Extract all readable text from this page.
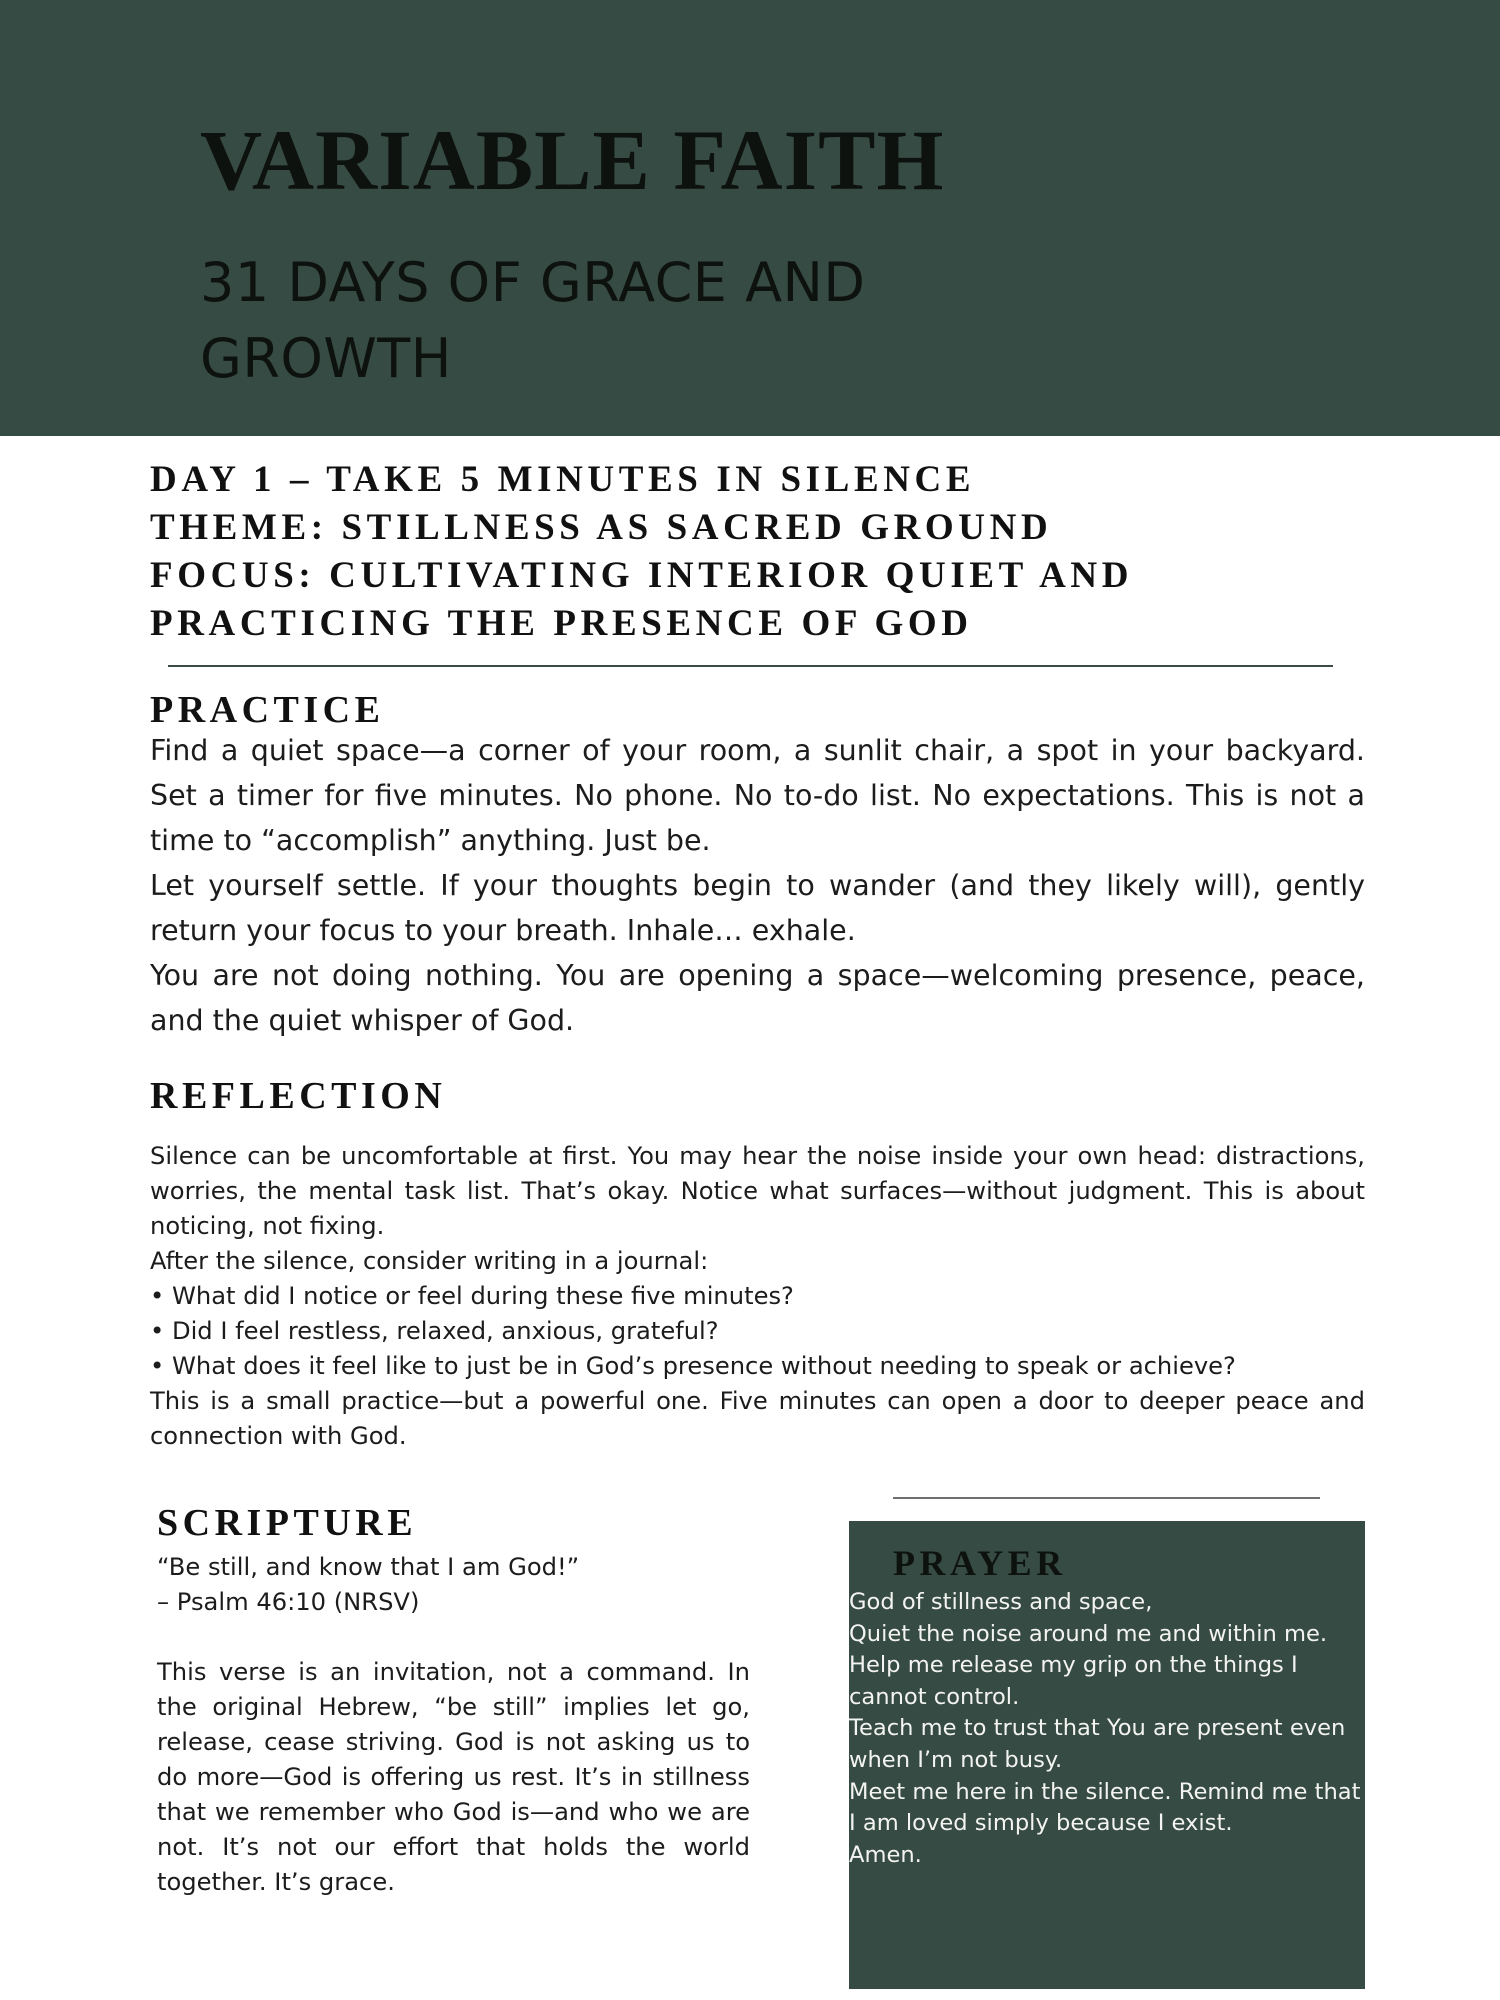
VARIABLE FAITH
31 DAYS OF GRACE AND GROWTH
DAY 1 – TAKE 5 MINUTES IN SILENCE
THEME: STILLNESS AS SACRED GROUND
FOCUS: CULTIVATING INTERIOR QUIET AND
PRACTICING THE PRESENCE OF GOD
PRACTICE

Find a quiet space—a corner of your room, a sunlit chair, a spot in your backyard. Set a timer for five minutes. No phone. No to-do list. No expectations. This is not a time to “accomplish” anything. Just be.

Let yourself settle. If your thoughts begin to wander (and they likely will), gently return your focus to your breath. Inhale… exhale.

You are not doing nothing. You are opening a space—welcoming presence, peace, and the quiet whisper of God.

REFLECTION

Silence can be uncomfortable at first. You may hear the noise inside your own head: distractions, worries, the mental task list. That’s okay. Notice what surfaces—without judgment. This is about noticing, not fixing.

After the silence, consider writing in a journal:

• What did I notice or feel during these five minutes?

• Did I feel restless, relaxed, anxious, grateful?

• What does it feel like to just be in God’s presence without needing to speak or achieve?

This is a small practice—but a powerful one. Five minutes can open a door to deeper peace and connection with God.

SCRIPTURE

“Be still, and know that I am God!”

– Psalm 46:10 (NRSV)

This verse is an invitation, not a command. In the original Hebrew, “be still” implies let go, release, cease striving. God is not asking us to do more—God is offering us rest. It’s in stillness that we remember who God is—and who we are not. It’s not our effort that holds the world together. It’s grace.

PRAYER

God of stillness and space,

Quiet the noise around me and within me.

Help me release my grip on the things I cannot control.

Teach me to trust that You are present even when I’m not busy.

Meet me here in the silence. Remind me that I am loved simply because I exist.

Amen.
